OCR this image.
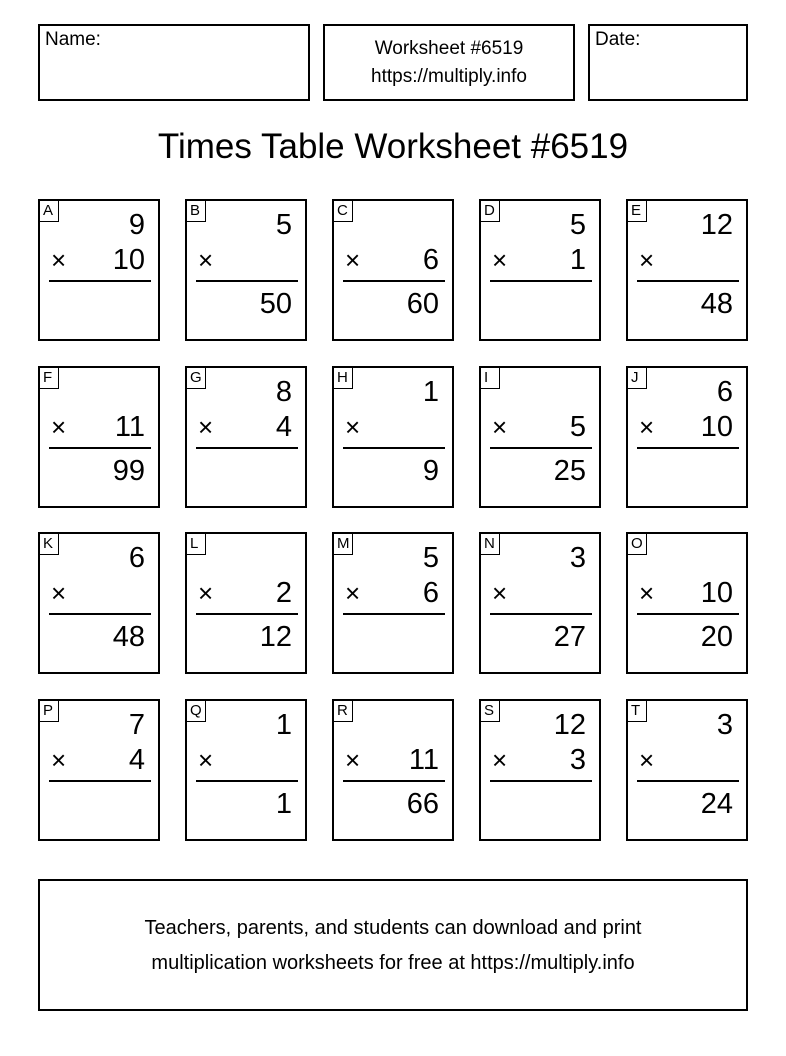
Name:	Worksheet #6519
https://multiply.info
Date:
Times Table Worksheet #6519
A	9
× 10
B	5
×
50
C
× 6
60
D	5
× 1
E 12
×
48
F
× 11
99
G	8
× 4
H	1
×
9
I
× 5
25
J	6
× 10
K	6
×
48
L
× 2
12
M	5
× 6
N	3
×
27
O
× 10
20
P	7
× 4
Q	1
×
1
R
× 11
66
S 12
× 3
T	3
×
24
Teachers, parents, and students can download and print
multiplication worksheets for free at https://multiply.info
